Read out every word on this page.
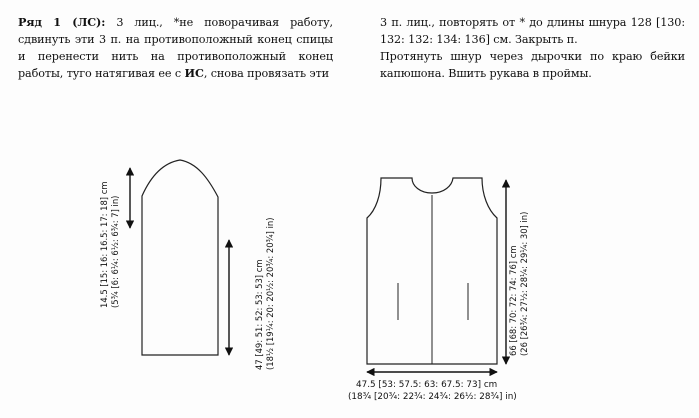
Ряд 1 (ЛС): 3 лиц., *не поворачивая работу,

сдвинуть эти 3 п. на противоположный конец спицы

и перенести нить на противоположный конец

работы, туго натягивая ее с ИС, снова провязать эти

3 п. лиц., повторять от * до длины шнура 128 [130:

132: 132: 134: 136] см. Закрыть п.

Протянуть шнур через дырочки по краю бейки

капюшона. Вшить рукава в проймы.

14.5 [15: 16: 16.5: 17: 18] cm (5¾ [6: 6¼: 6½: 6¾: 7] in)
47 [49: 51: 52: 53: 53] cm (18½ [19¼: 20: 20½: 20¾: 20¾] in)	66 [68: 70: 72: 74: 76] cm (26 [26¾: 27½: 28¼: 29¼: 30] in)
47.5 [53: 57.5: 63: 67.5: 73] cm
(18¾ [20¾: 22¾: 24¾: 26½: 28¾] in)
